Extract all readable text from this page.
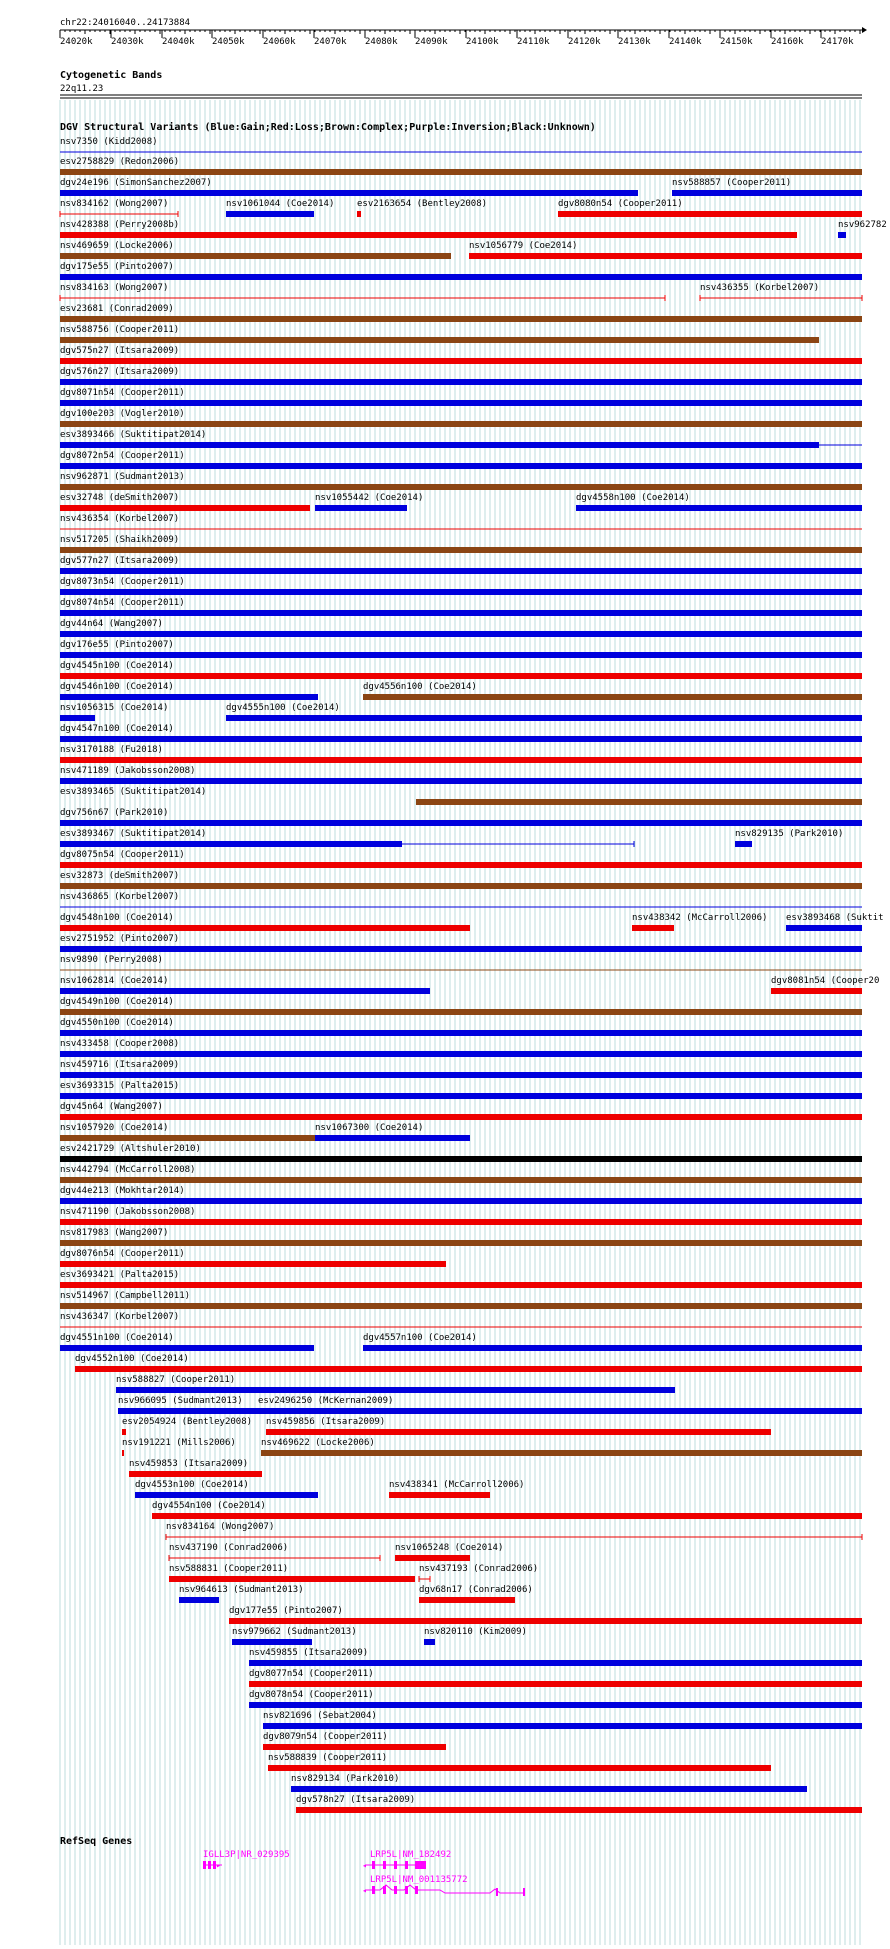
chr22:24016040..24173884
24020k 24030k 24040k 24050k 24060k 24070k 24080k 24090k 24100k 24110k 24120k 24130k 24140k 24150k 24160k 24170k
Cytogenetic Bands
22q11.23
DGV Structural Variants (Blue:Gain;Red:Loss;Brown:Complex;Purple:Inversion;Black:Unknown)
nsv7350 (Kidd2008)
esv2758829 (Redon2006)
dgv24e196 (SimonSanchez2007)	nsv588857 (Cooper2011)
nsv834162 (Wong2007)	nsv1061044 (Coe2014)	esv2163654 (Bentley2008)	dgv8080n54 (Cooper2011)
nsv428388 (Perry2008b)	nsv962782
nsv469659 (Locke2006)	nsv1056779 (Coe2014)
dgv175e55 (Pinto2007)
nsv834163 (Wong2007)	nsv436355 (Korbel2007)
esv23681 (Conrad2009)
nsv588756 (Cooper2011)
dgv575n27 (Itsara2009)
dgv576n27 (Itsara2009)
dgv8071n54 (Cooper2011)
dgv100e203 (Vogler2010)
esv3893466 (Suktitipat2014)
dgv8072n54 (Cooper2011)
nsv962871 (Sudmant2013)
esv32748 (deSmith2007)	nsv1055442 (Coe2014)	dgv4558n100 (Coe2014)
nsv436354 (Korbel2007)
nsv517205 (Shaikh2009)
dgv577n27 (Itsara2009)
dgv8073n54 (Cooper2011)
dgv8074n54 (Cooper2011)
dgv44n64 (Wang2007)
dgv176e55 (Pinto2007)
dgv4545n100 (Coe2014)
dgv4546n100 (Coe2014)	dgv4556n100 (Coe2014)
nsv1056315 (Coe2014)	dgv4555n100 (Coe2014)
dgv4547n100 (Coe2014)
nsv3170188 (Fu2018)
nsv471189 (Jakobsson2008)
esv3893465 (Suktitipat2014)
dgv756n67 (Park2010)
esv3893467 (Suktitipat2014)	nsv829135 (Park2010)
dgv8075n54 (Cooper2011)
esv32873 (deSmith2007)
nsv436865 (Korbel2007)
dgv4548n100 (Coe2014)	nsv438342 (McCarroll2006) esv3893468 (Suktit
esv2751952 (Pinto2007)
nsv9890 (Perry2008)
nsv1062814 (Coe2014)	dgv8081n54 (Cooper20
dgv4549n100 (Coe2014)
dgv4550n100 (Coe2014)
nsv433458 (Cooper2008)
nsv459716 (Itsara2009)
esv3693315 (Palta2015)
dgv45n64 (Wang2007)
nsv1057920 (Coe2014)	nsv1067300 (Coe2014)
esv2421729 (Altshuler2010)
nsv442794 (McCarroll2008)
dgv44e213 (Mokhtar2014)
nsv471190 (Jakobsson2008)
nsv817983 (Wang2007)
dgv8076n54 (Cooper2011)
esv3693421 (Palta2015)
nsv514967 (Campbell2011)
nsv436347 (Korbel2007)
dgv4551n100 (Coe2014)	dgv4557n100 (Coe2014)
dgv4552n100 (Coe2014)
nsv588827 (Cooper2011)
nsv966095 (Sudmant2013) esv2496250 (McKernan2009)
esv2054924 (Bentley2008) nsv459856 (Itsara2009)
nsv191221 (Mills2006)	nsv469622 (Locke2006)
nsv459853 (Itsara2009)
dgv4553n100 (Coe2014)	nsv438341 (McCarroll2006)
dgv4554n100 (Coe2014)
nsv834164 (Wong2007)
nsv437190 (Conrad2006)	nsv1065248 (Coe2014)
nsv588831 (Cooper2011)	nsv437193 (Conrad2006)
nsv964613 (Sudmant2013)	dgv68n17 (Conrad2006)
dgv177e55 (Pinto2007)
nsv979662 (Sudmant2013)	nsv820110 (Kim2009)
nsv459855 (Itsara2009)
dgv8077n54 (Cooper2011)
dgv8078n54 (Cooper2011)
nsv821696 (Sebat2004)
dgv8079n54 (Cooper2011)
nsv588839 (Cooper2011)
nsv829134 (Park2010)
dgv578n27 (Itsara2009)
RefSeq Genes
IGLL3P|NR_029395
▸
LRP5L|NM_182492
◂
LRP5L|NM_001135772
◂
